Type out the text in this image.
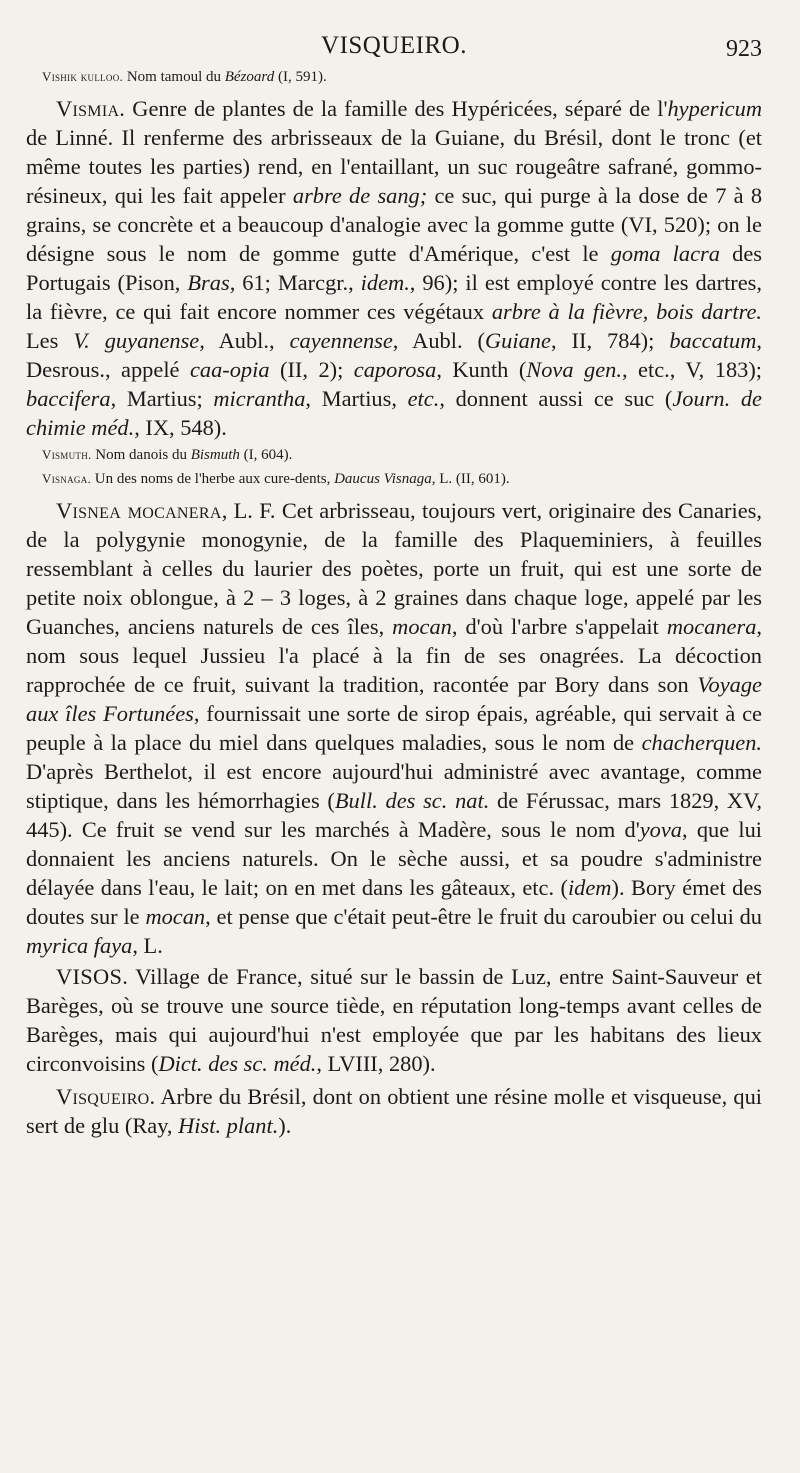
VISQUEIRO.	923

Vishik kulloo. Nom tamoul du Bézoard (I, 591).

Vismia. Genre de plantes de la famille des Hypéricées, séparé de l'hypericum de Linné. Il renferme des arbrisseaux de la Guiane, du Brésil, dont le tronc (et même toutes les parties) rend, en l'entaillant, un suc rougeâtre safrané, gommo-résineux, qui les fait appeler arbre de sang; ce suc, qui purge à la dose de 7 à 8 grains, se concrète et a beaucoup d'analogie avec la gomme gutte (VI, 520); on le désigne sous le nom de gomme gutte d'Amérique, c'est le goma lacra des Portugais (Pison, Bras, 61; Marcgr., idem., 96); il est employé contre les dartres, la fièvre, ce qui fait encore nommer ces végétaux arbre à la fièvre, bois dartre. Les V. guyanense, Aubl., cayennense, Aubl. (Guiane, II, 784); baccatum, Desrous., appelé caa-opia (II, 2); caporosa, Kunth (Nova gen., etc., V, 183); baccifera, Martius; micrantha, Martius, etc., donnent aussi ce suc (Journ. de chimie méd., IX, 548).

Vismuth. Nom danois du Bismuth (I, 604).

Visnaga. Un des noms de l'herbe aux cure-dents, Daucus Visnaga, L. (II, 601).

Visnea mocanera, L. F. Cet arbrisseau, toujours vert, originaire des Canaries, de la polygynie monogynie, de la famille des Plaqueminiers, à feuilles ressemblant à celles du laurier des poètes, porte un fruit, qui est une sorte de petite noix oblongue, à 2 – 3 loges, à 2 graines dans chaque loge, appelé par les Guanches, anciens naturels de ces îles, mocan, d'où l'arbre s'appelait mocanera, nom sous lequel Jussieu l'a placé à la fin de ses onagrées. La décoction rapprochée de ce fruit, suivant la tradition, racontée par Bory dans son Voyage aux îles Fortunées, fournissait une sorte de sirop épais, agréable, qui servait à ce peuple à la place du miel dans quelques maladies, sous le nom de chacherquen. D'après Berthelot, il est encore aujourd'hui administré avec avantage, comme stiptique, dans les hémorrhagies (Bull. des sc. nat. de Férussac, mars 1829, XV, 445). Ce fruit se vend sur les marchés à Madère, sous le nom d'yova, que lui donnaient les anciens naturels. On le sèche aussi, et sa poudre s'administre délayée dans l'eau, le lait; on en met dans les gâteaux, etc. (idem). Bory émet des doutes sur le mocan, et pense que c'était peut-être le fruit du caroubier ou celui du myrica faya, L.

VISOS. Village de France, situé sur le bassin de Luz, entre Saint-Sauveur et Barèges, où se trouve une source tiède, en réputation long-temps avant celles de Barèges, mais qui aujourd'hui n'est employée que par les habitans des lieux circonvoisins (Dict. des sc. méd., LVIII, 280).

Visqueiro. Arbre du Brésil, dont on obtient une résine molle et visqueuse, qui sert de glu (Ray, Hist. plant.).
